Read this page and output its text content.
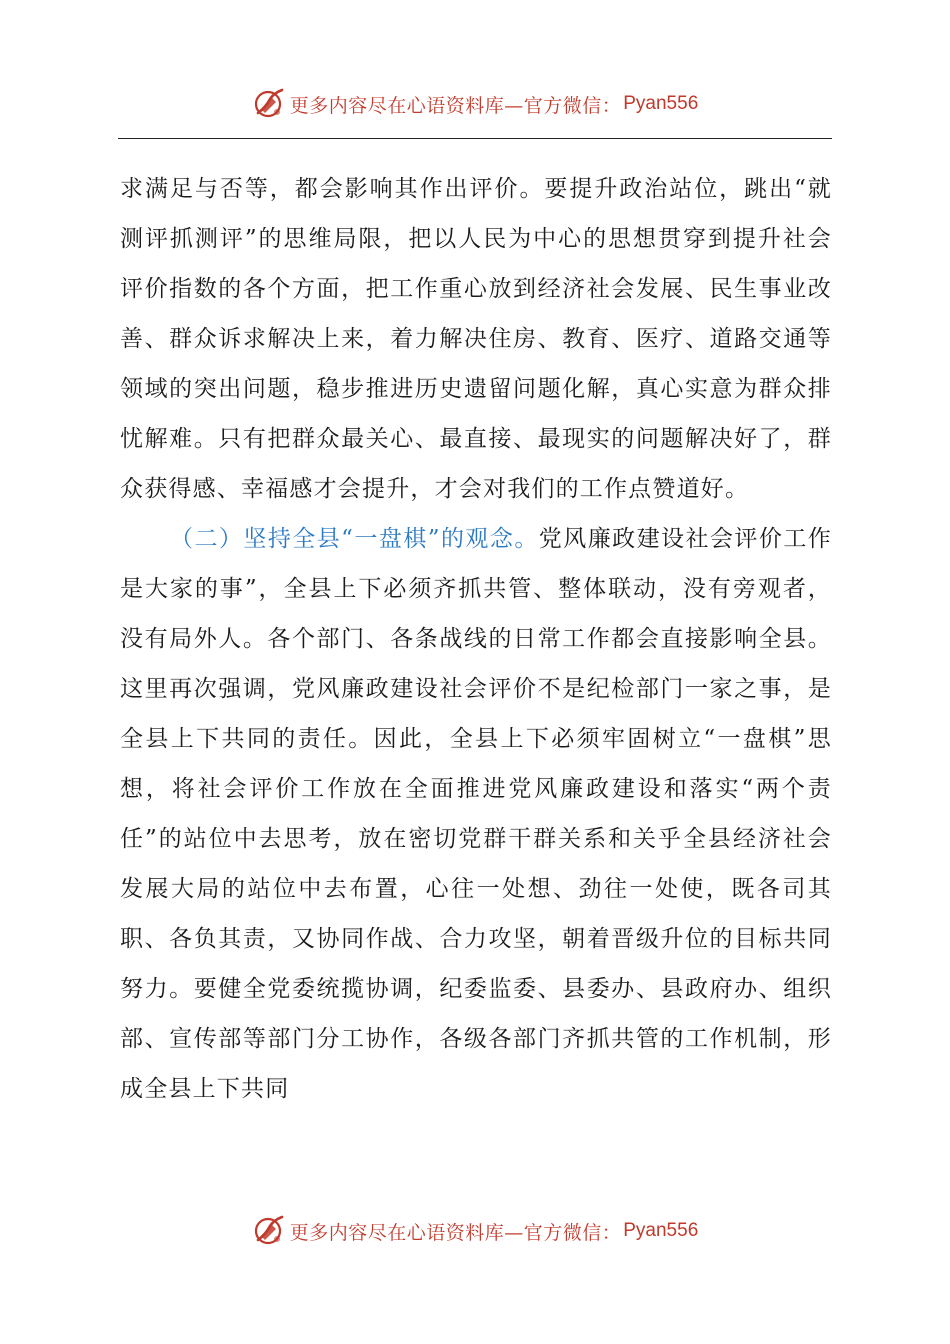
更多内容尽在心语资料库—官方微信： Pyan556

求满足与否等，都会影响其作出评价。要提升政治站位，跳出“就测评抓测评”的思维局限，把以人民为中心的思想贯穿到提升社会评价指数的各个方面，把工作重心放到经济社会发展、民生事业改善、群众诉求解决上来，着力解决住房、教育、医疗、道路交通等领域的突出问题，稳步推进历史遗留问题化解，真心实意为群众排忧解难。只有把群众最关心、最直接、最现实的问题解决好了，群众获得感、幸福感才会提升，才会对我们的工作点赞道好。

（二）坚持全县“一盘棋”的观念。党风廉政建设社会评价工作是大家的事”，全县上下必须齐抓共管、整体联动，没有旁观者，没有局外人。各个部门、各条战线的日常工作都会直接影响全县。这里再次强调，党风廉政建设社会评价不是纪检部门一家之事，是全县上下共同的责任。因此，全县上下必须牢固树立“一盘棋”思想，将社会评价工作放在全面推进党风廉政建设和落实“两个责任”的站位中去思考，放在密切党群干群关系和关乎全县经济社会发展大局的站位中去布置，心往一处想、劲往一处使，既各司其职、各负其责，又协同作战、合力攻坚，朝着晋级升位的目标共同努力。要健全党委统揽协调，纪委监委、县委办、县政府办、组织部、宣传部等部门分工协作，各级各部门齐抓共管的工作机制，形成全县上下共同

更多内容尽在心语资料库—官方微信： Pyan556
